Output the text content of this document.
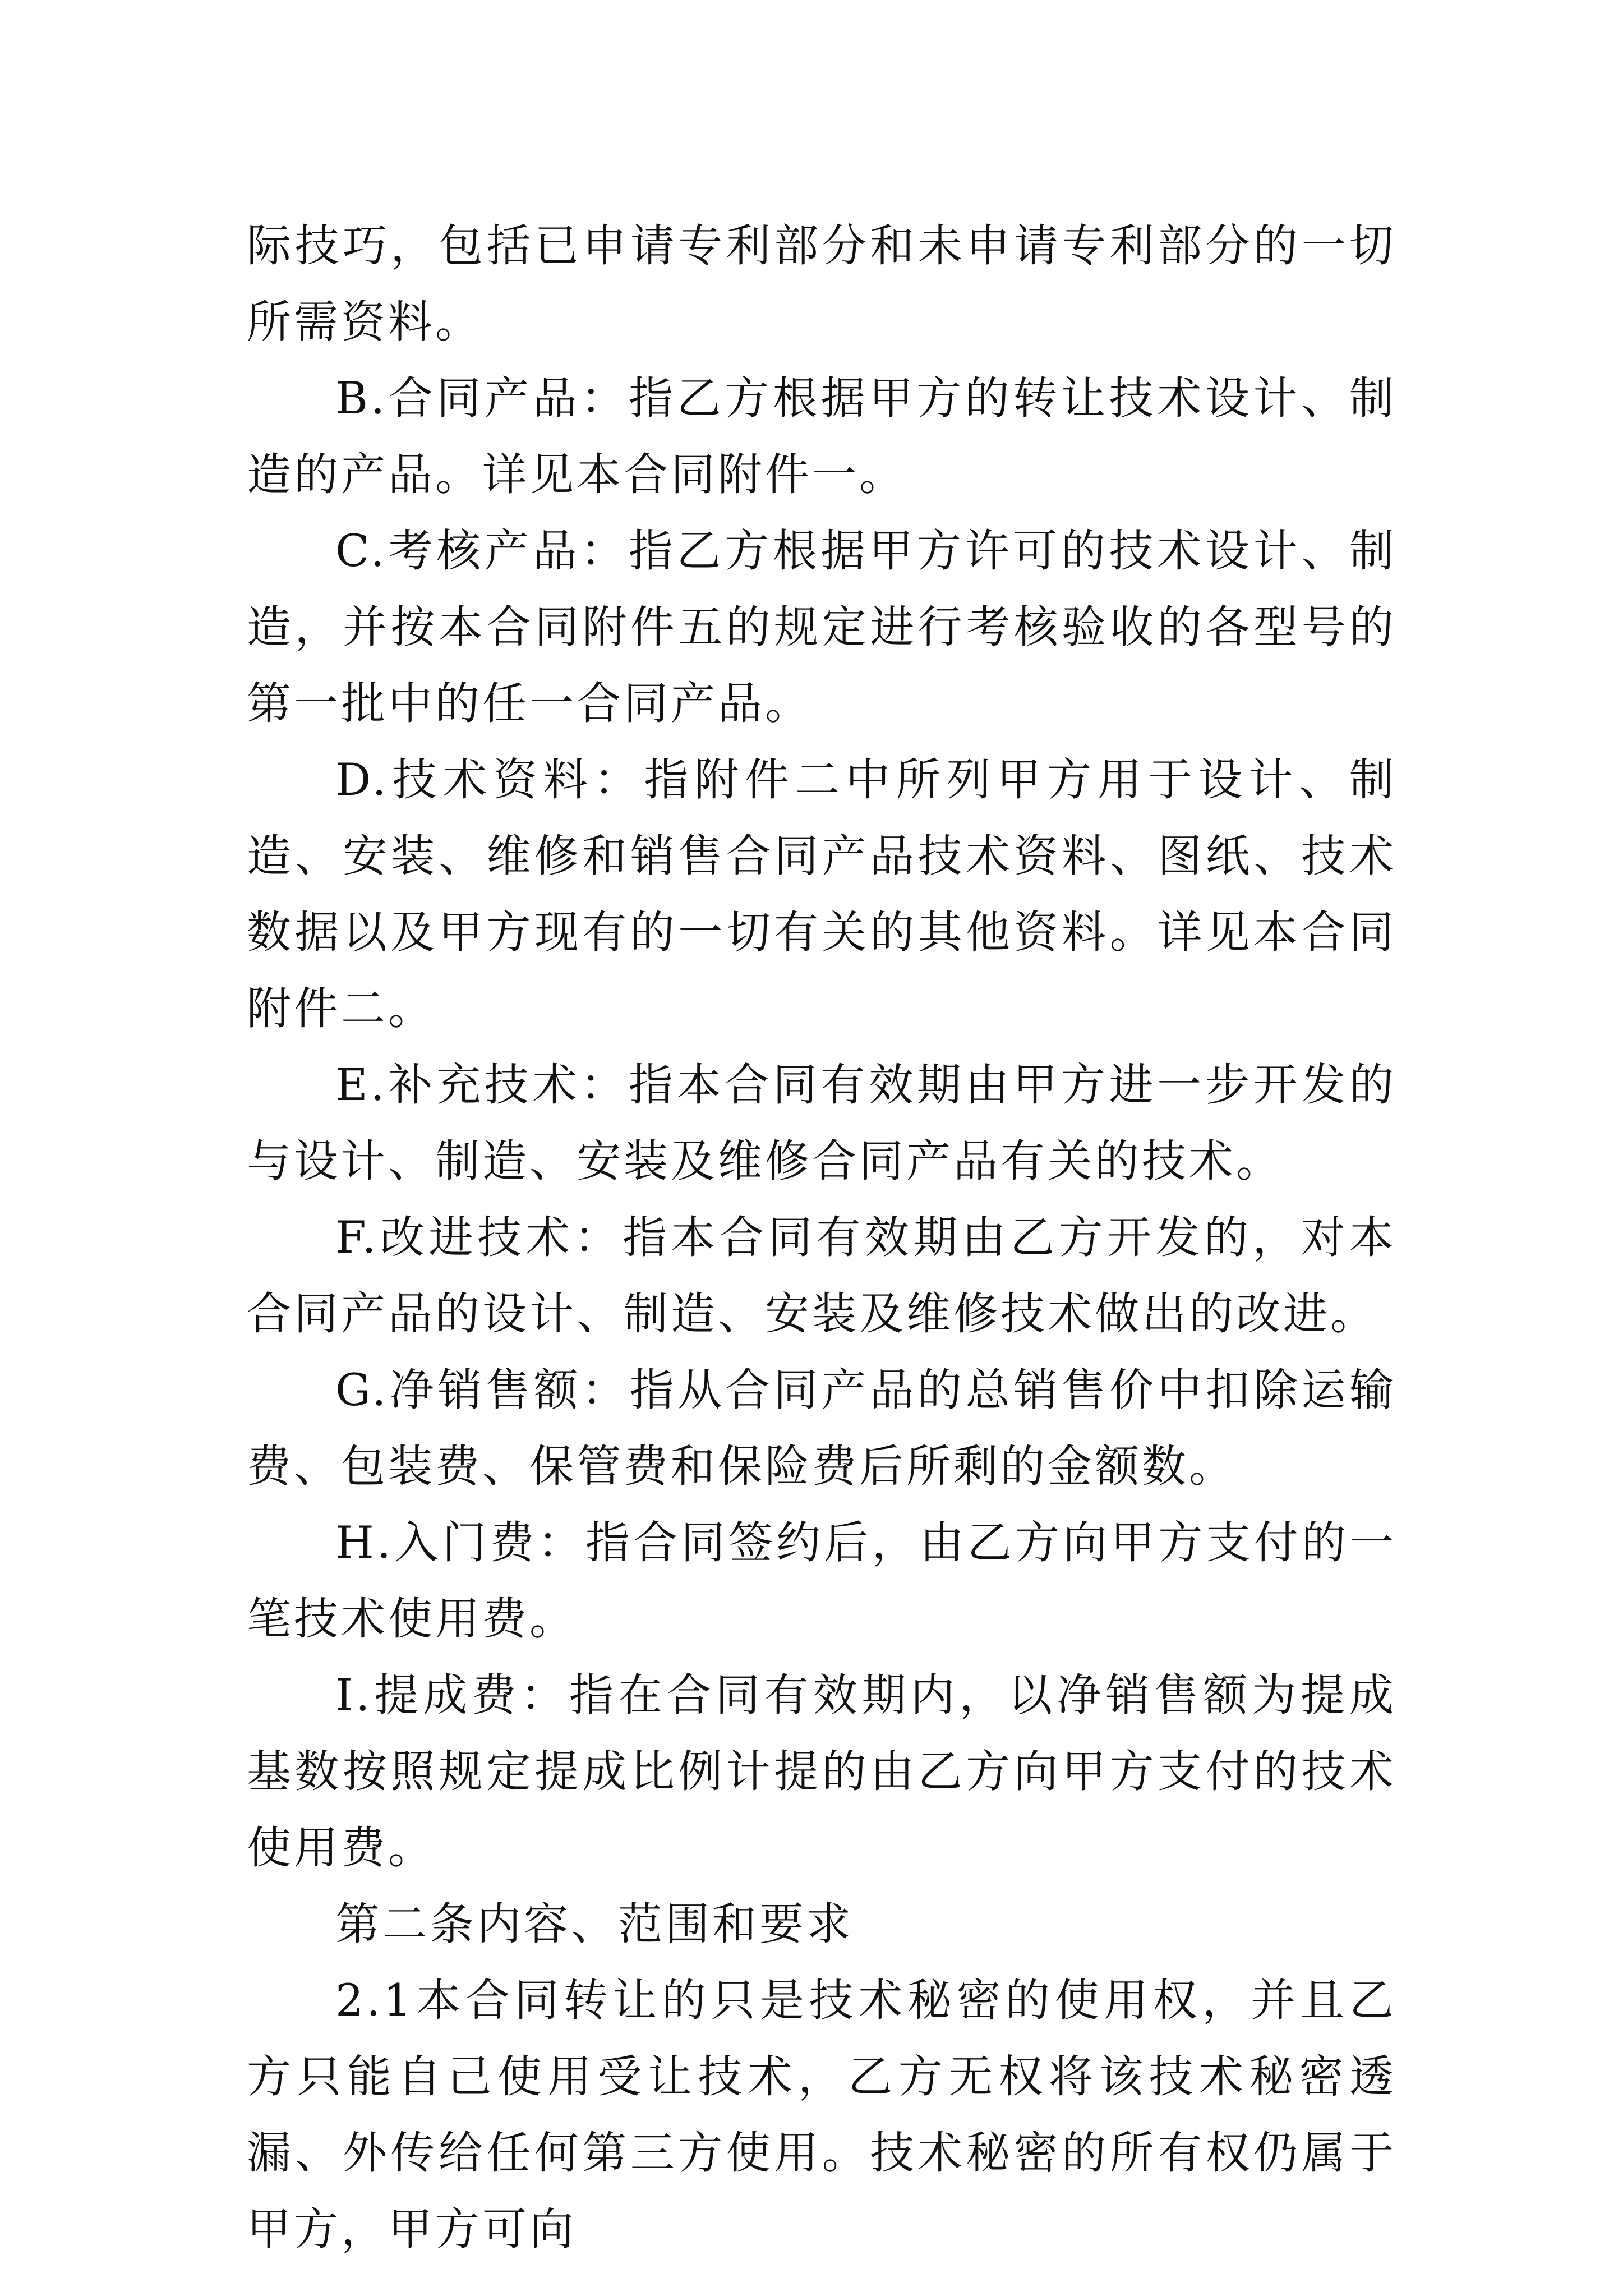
际技巧，包括已申请专利部分和未申请专利部分的一切所需资料。

B.合同产品：指乙方根据甲方的转让技术设计、制造的产品。详见本合同附件一。

C.考核产品：指乙方根据甲方许可的技术设计、制造，并按本合同附件五的规定进行考核验收的各型号的第一批中的任一合同产品。

D.技术资料：指附件二中所列甲方用于设计、制造、安装、维修和销售合同产品技术资料、图纸、技术数据以及甲方现有的一切有关的其他资料。详见本合同附件二。

E.补充技术：指本合同有效期由甲方进一步开发的与设计、制造、安装及维修合同产品有关的技术。

F.改进技术：指本合同有效期由乙方开发的，对本合同产品的设计、制造、安装及维修技术做出的改进。

G.净销售额：指从合同产品的总销售价中扣除运输费、包装费、保管费和保险费后所剩的金额数。

H.入门费：指合同签约后，由乙方向甲方支付的一笔技术使用费。

I.提成费：指在合同有效期内，以净销售额为提成基数按照规定提成比例计提的由乙方向甲方支付的技术使用费。

第二条内容、范围和要求

2.1本合同转让的只是技术秘密的使用权，并且乙方只能自己使用受让技术，乙方无权将该技术秘密透漏、外传给任何第三方使用。技术秘密的所有权仍属于甲方，甲方可向
